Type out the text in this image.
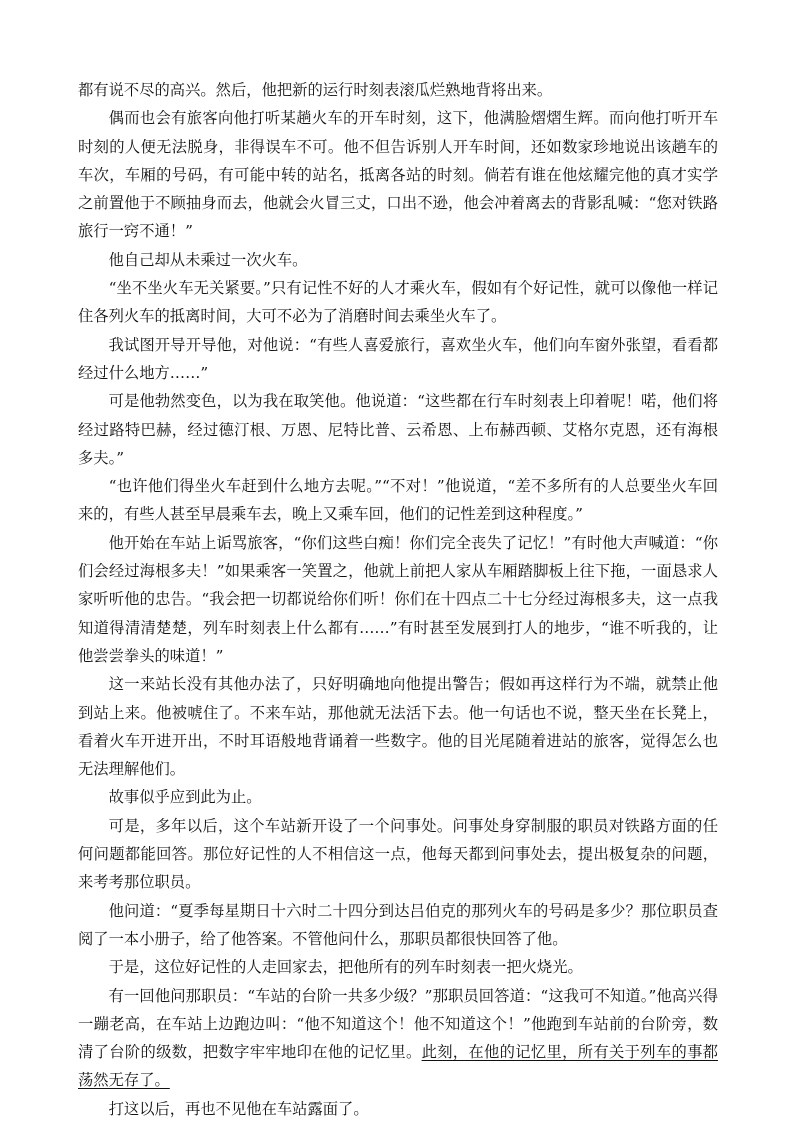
都有说不尽的高兴。然后，他把新的运行时刻表滚瓜烂熟地背将出来。

偶而也会有旅客向他打听某趟火车的开车时刻，这下，他满脸熠熠生辉。而向他打听开车时刻的人便无法脱身，非得误车不可。他不但告诉别人开车时间，还如数家珍地说出该趟车的车次，车厢的号码，有可能中转的站名，抵离各站的时刻。倘若有谁在他炫耀完他的真才实学之前置他于不顾抽身而去，他就会火冒三丈，口出不逊，他会冲着离去的背影乱喊：“您对铁路旅行一窍不通！”

他自己却从未乘过一次火车。

“坐不坐火车无关紧要。”只有记性不好的人才乘火车，假如有个好记性，就可以像他一样记住各列火车的抵离时间，大可不必为了消磨时间去乘坐火车了。

我试图开导开导他，对他说：“有些人喜爱旅行，喜欢坐火车，他们向车窗外张望，看看都经过什么地方……”

可是他勃然变色，以为我在取笑他。他说道：“这些都在行车时刻表上印着呢！喏，他们将经过路特巴赫，经过德汀根、万恩、尼特比普、云希恩、上布赫西顿、艾格尔克恩，还有海根多夫。”

“也许他们得坐火车赶到什么地方去呢。”“不对！”他说道，“差不多所有的人总要坐火车回来的，有些人甚至早晨乘车去，晚上又乘车回，他们的记性差到这种程度。”

他开始在车站上诟骂旅客，“你们这些白痴！你们完全丧失了记忆！”有时他大声喊道：“你们会经过海根多夫！”如果乘客一笑置之，他就上前把人家从车厢踏脚板上往下拖，一面恳求人家听听他的忠告。“我会把一切都说给你们听！你们在十四点二十七分经过海根多夫，这一点我知道得清清楚楚，列车时刻表上什么都有……”有时甚至发展到打人的地步，“谁不听我的，让他尝尝拳头的味道！”

这一来站长没有其他办法了，只好明确地向他提出警告；假如再这样行为不端，就禁止他到站上来。他被唬住了。不来车站，那他就无法活下去。他一句话也不说，整天坐在长凳上，看着火车开进开出，不时耳语般地背诵着一些数字。他的目光尾随着进站的旅客，觉得怎么也无法理解他们。

故事似乎应到此为止。

可是，多年以后，这个车站新开设了一个问事处。问事处身穿制服的职员对铁路方面的任何问题都能回答。那位好记性的人不相信这一点，他每天都到问事处去，提出极复杂的问题，来考考那位职员。

他问道：“夏季每星期日十六时二十四分到达吕伯克的那列火车的号码是多少？那位职员查阅了一本小册子，给了他答案。不管他问什么，那职员都很快回答了他。

于是，这位好记性的人走回家去，把他所有的列车时刻表一把火烧光。

有一回他问那职员：“车站的台阶一共多少级？”那职员回答道：“这我可不知道。”他高兴得一蹦老高，在车站上边跑边叫：“他不知道这个！他不知道这个！”他跑到车站前的台阶旁，数清了台阶的级数，把数字牢牢地印在他的记忆里。此刻，在他的记忆里，所有关于列车的事都荡然无存了。

打这以后，再也不见他在车站露面了。
